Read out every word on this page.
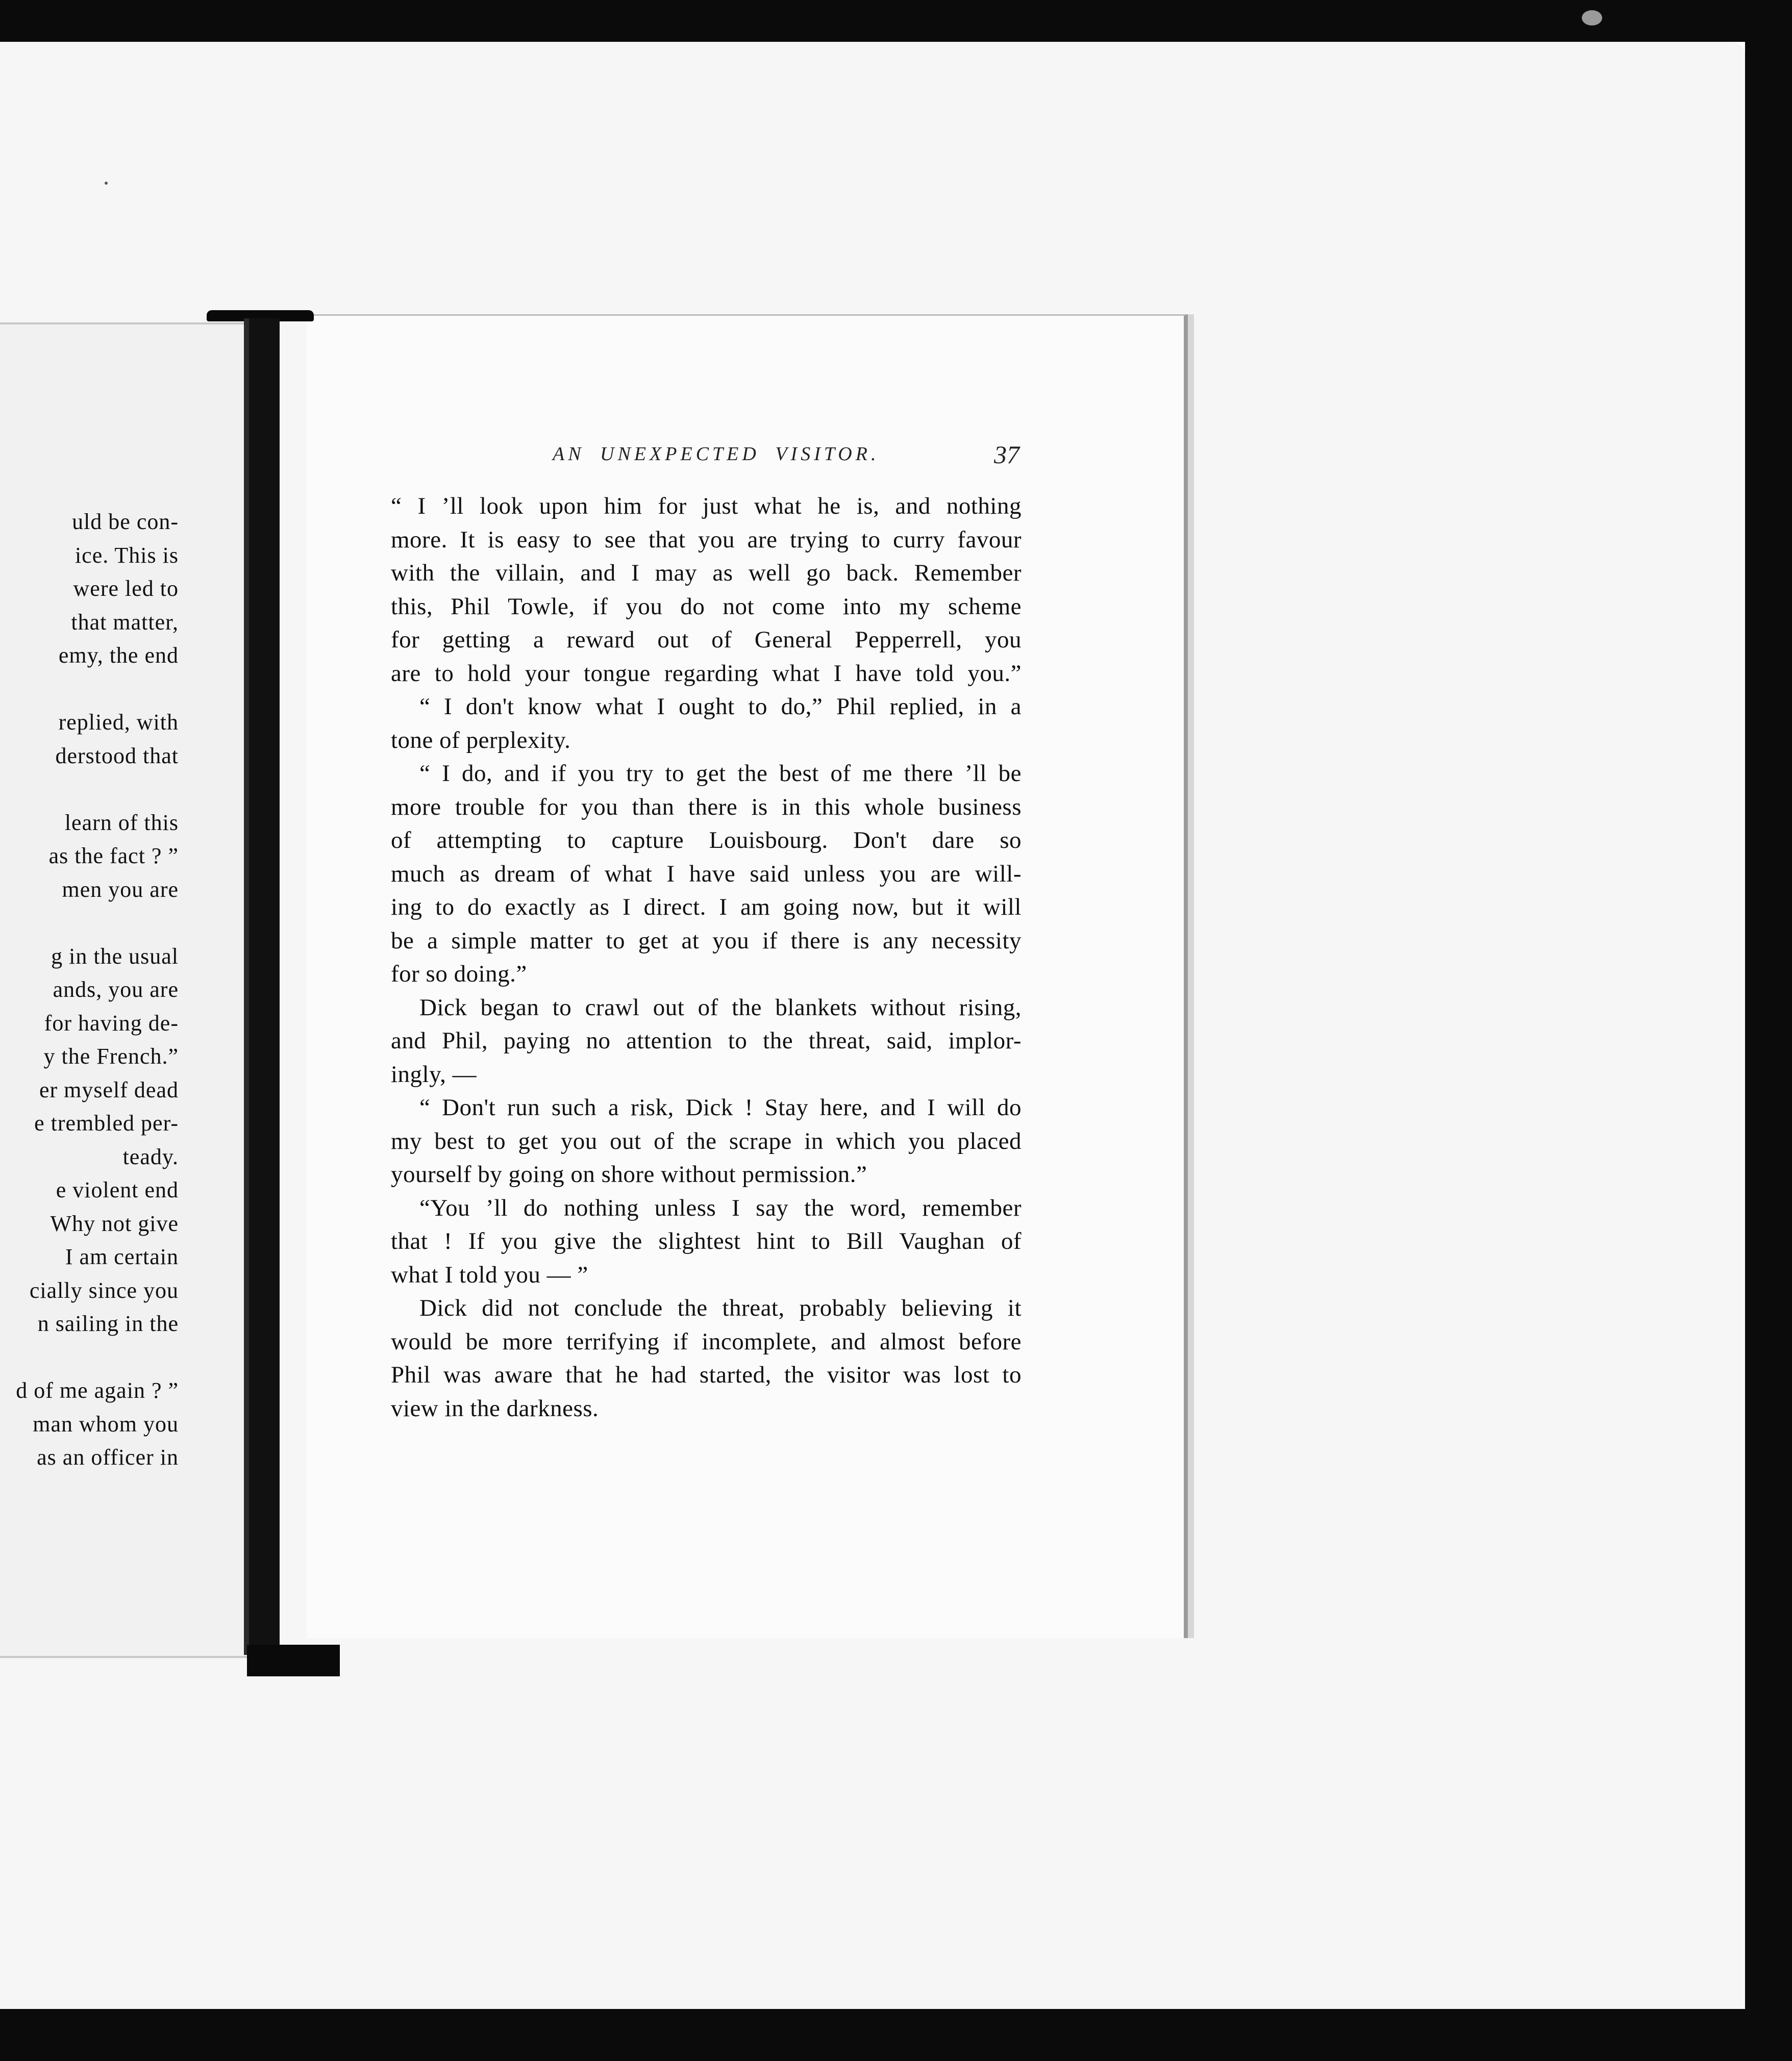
uld be con-
ice. This is
were led to
that matter,
emy, the end
replied, with
derstood that
learn of this
as the fact ? ”
men you are
g in the usual
ands, you are
for having de-
y the French.”
er myself dead
e trembled per-
teady.
e violent end
Why not give
I am certain
cially since you
n sailing in the
d of me again ? ”
man whom you
as an officer in
AN UNEXPECTED VISITOR.	37
“ I ’ll look upon him for just what he is, and nothing
more. It is easy to see that you are trying to curry favour
with the villain, and I may as well go back. Remember
this, Phil Towle, if you do not come into my scheme
for getting a reward out of General Pepperrell, you
are to hold your tongue regarding what I have told you.”
“ I don't know what I ought to do,” Phil replied, in a
tone of perplexity.
“ I do, and if you try to get the best of me there ’ll be
more trouble for you than there is in this whole business
of attempting to capture Louisbourg. Don't dare so
much as dream of what I have said unless you are will-
ing to do exactly as I direct. I am going now, but it will
be a simple matter to get at you if there is any necessity
for so doing.”
Dick began to crawl out of the blankets without rising,
and Phil, paying no attention to the threat, said, implor-
ingly, —
“ Don't run such a risk, Dick ! Stay here, and I will do
my best to get you out of the scrape in which you placed
yourself by going on shore without permission.”
“You ’ll do nothing unless I say the word, remember
that ! If you give the slightest hint to Bill Vaughan of
what I told you — ”
Dick did not conclude the threat, probably believing it
would be more terrifying if incomplete, and almost before
Phil was aware that he had started, the visitor was lost to
view in the darkness.
